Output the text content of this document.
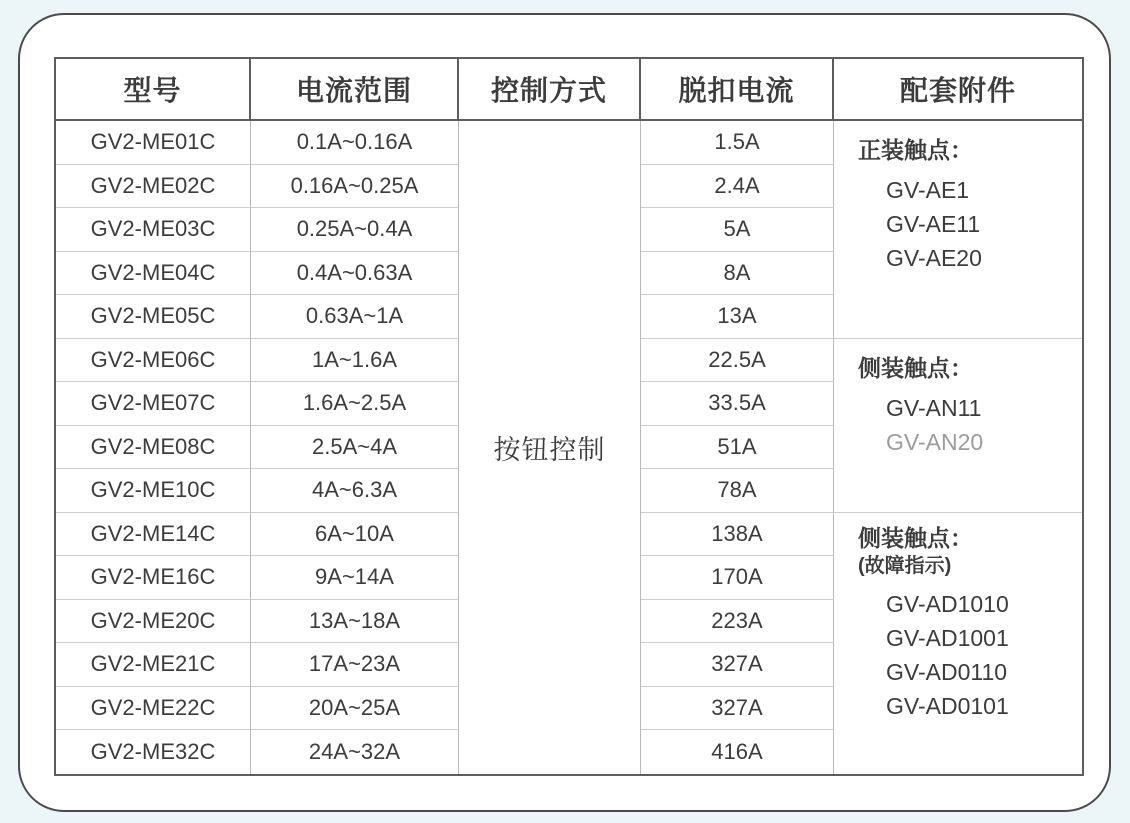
型号
GV2-ME01C
GV2-ME02C
GV2-ME03C
GV2-ME04C
GV2-ME05C
GV2-ME06C
GV2-ME07C
GV2-ME08C
GV2-ME10C
GV2-ME14C
GV2-ME16C
GV2-ME20C
GV2-ME21C
GV2-ME22C
GV2-ME32C
电流范围
0.1A~0.16A
0.16A~0.25A
0.25A~0.4A
0.4A~0.63A
0.63A~1A
1A~1.6A
1.6A~2.5A
2.5A~4A
4A~6.3A
6A~10A
9A~14A
13A~18A
17A~23A
20A~25A
24A~32A
控制方式
按钮控制
脱扣电流
1.5A
2.4A
5A
8A
13A
22.5A
33.5A
51A
78A
138A
170A
223A
327A
327A
416A
配套附件
正装触点：
GV-AE1
GV-AE11
GV-AE20
侧装触点：
GV-AN11
GV-AN20
侧装触点：
(故障指示)
GV-AD1010
GV-AD1001
GV-AD0110
GV-AD0101
